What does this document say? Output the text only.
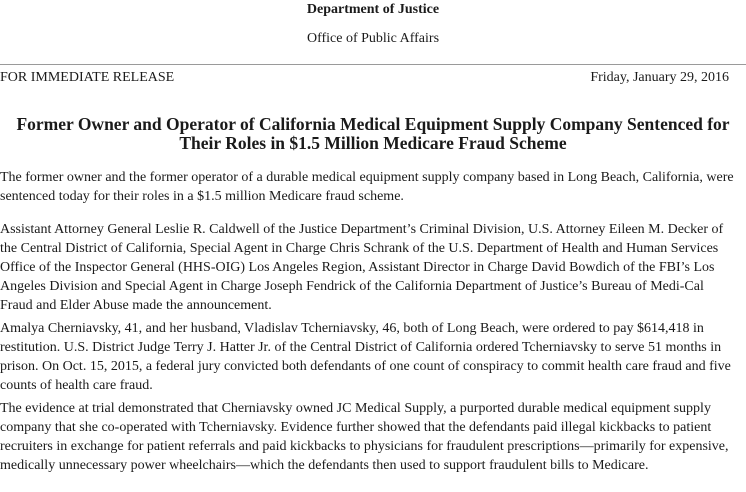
Department of Justice
Office of Public Affairs
FOR IMMEDIATE RELEASE	Friday, January 29, 2016
Former Owner and Operator of California Medical Equipment Supply Company Sentenced for Their Roles in $1.5 Million Medicare Fraud Scheme

The former owner and the former operator of a durable medical equipment supply company based in Long Beach, California, were sentenced today for their roles in a $1.5 million Medicare fraud scheme.

Assistant Attorney General Leslie R. Caldwell of the Justice Department’s Criminal Division, U.S. Attorney Eileen M. Decker of the Central District of California, Special Agent in Charge Chris Schrank of the U.S. Department of Health and Human Services Office of the Inspector General (HHS-OIG) Los Angeles Region, Assistant Director in Charge David Bowdich of the FBI’s Los Angeles Division and Special Agent in Charge Joseph Fendrick of the California Department of Justice’s Bureau of Medi-Cal Fraud and Elder Abuse made the announcement.

Amalya Cherniavsky, 41, and her husband, Vladislav Tcherniavsky, 46, both of Long Beach, were ordered to pay $614,418 in restitution. U.S. District Judge Terry J. Hatter Jr. of the Central District of California ordered Tcherniavsky to serve 51 months in prison. On Oct. 15, 2015, a federal jury convicted both defendants of one count of conspiracy to commit health care fraud and five counts of health care fraud.

The evidence at trial demonstrated that Cherniavsky owned JC Medical Supply, a purported durable medical equipment supply company that she co-operated with Tcherniavsky. Evidence further showed that the defendants paid illegal kickbacks to patient recruiters in exchange for patient referrals and paid kickbacks to physicians for fraudulent prescriptions—primarily for expensive, medically unnecessary power wheelchairs—which the defendants then used to support fraudulent bills to Medicare.
